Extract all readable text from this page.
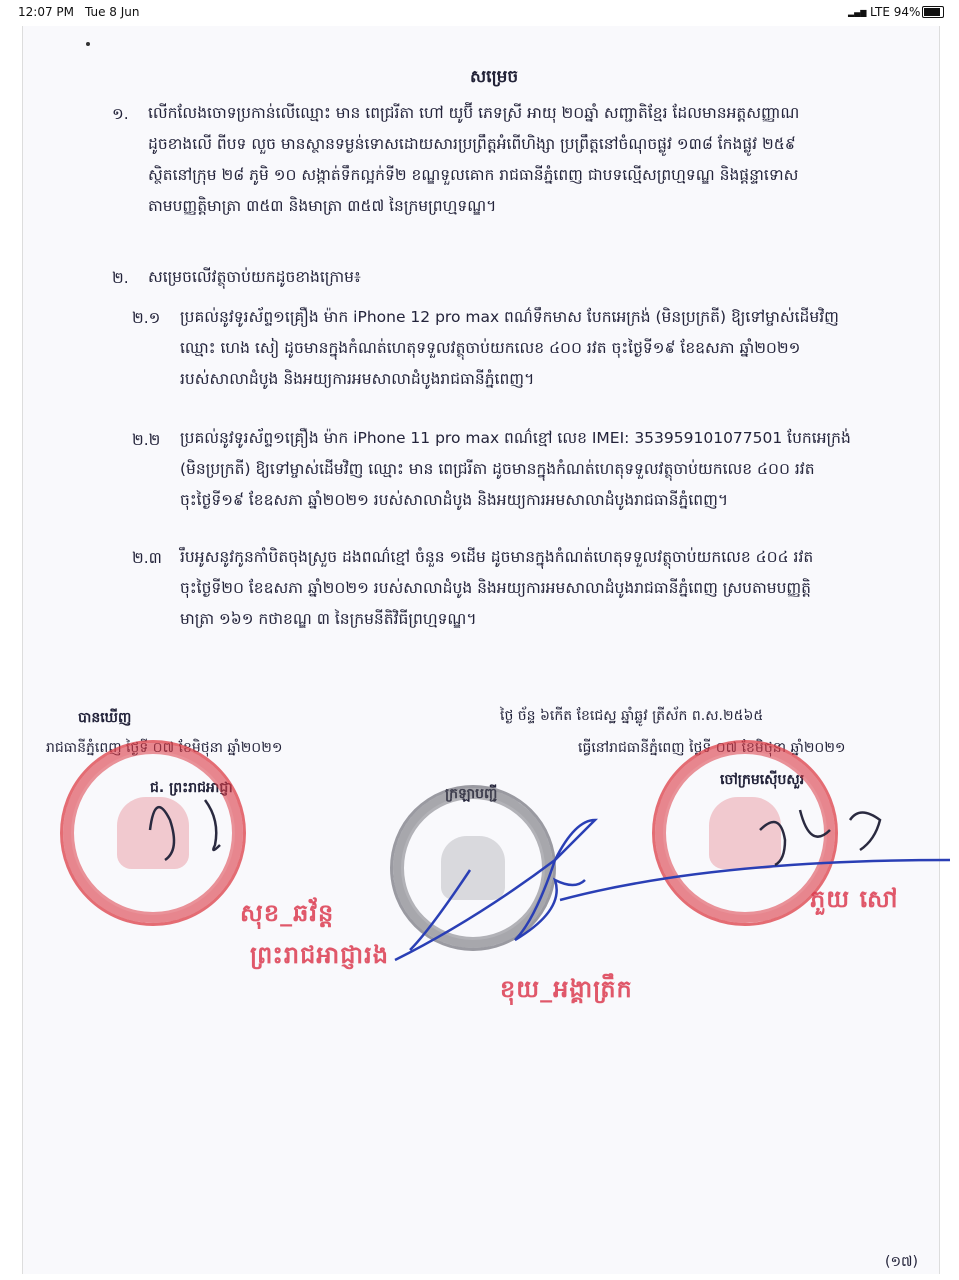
12:07 PM Tue 8 Jun	▂▄▆ LTE 94%
សម្រេច
១. លើកលែងចោទប្រកាន់លើឈ្មោះ មាន ពេជ្ររីតា ហៅ យូប៊ី ភេទស្រី អាយុ ២០ឆ្នាំ សញ្ជាតិខ្មែរ ដែលមានអត្តសញ្ញាណ
ដូចខាងលើ ពីបទ លួច មានស្ថានទម្ងន់ទោសដោយសារប្រព្រឹត្តអំពើហិង្សា ប្រព្រឹត្តនៅចំណុចផ្លូវ ១៣៨ កែងផ្លូវ ២៥៩
ស្ថិតនៅក្រុម ២៨ ភូមិ ១០ សង្កាត់ទឹកល្អក់ទី២ ខណ្ឌទួលគោក រាជធានីភ្នំពេញ ជាបទល្មើសព្រហ្មទណ្ឌ និងផ្តន្ទាទោស
តាមបញ្ញត្តិមាត្រា ៣៥៣ និងមាត្រា ៣៥៧ នៃក្រមព្រហ្មទណ្ឌ។
២. សម្រេចលើវត្ថុចាប់យកដូចខាងក្រោម៖
២.១ ប្រគល់នូវទូរស័ព្ទ១គ្រឿង ម៉ាក iPhone 12 pro max ពណ៌ទឹកមាស បែកអេក្រង់ (មិនប្រក្រតី) ឱ្យទៅម្ចាស់ដើមវិញ
ឈ្មោះ ហេង សៀ ដូចមានក្នុងកំណត់ហេតុទទួលវត្ថុចាប់យកលេខ ៤០០ រវត ចុះថ្ងៃទី១៩ ខែឧសភា ឆ្នាំ២០២១
របស់សាលាដំបូង និងអយ្យការអមសាលាដំបូងរាជធានីភ្នំពេញ។
២.២ ប្រគល់នូវទូរស័ព្ទ១គ្រឿង ម៉ាក iPhone 11 pro max ពណ៌ខ្មៅ លេខ IMEI: 353959101077501 បែកអេក្រង់
(មិនប្រក្រតី) ឱ្យទៅម្ចាស់ដើមវិញ ឈ្មោះ មាន ពេជ្ររីតា ដូចមានក្នុងកំណត់ហេតុទទួលវត្ថុចាប់យកលេខ ៤០០ រវត
ចុះថ្ងៃទី១៩ ខែឧសភា ឆ្នាំ២០២១ របស់សាលាដំបូង និងអយ្យការអមសាលាដំបូងរាជធានីភ្នំពេញ។
២.៣ រឹបអូសនូវកូនកាំបិតចុងស្រួច ដងពណ៌ខ្មៅ ចំនួន ១ដើម ដូចមានក្នុងកំណត់ហេតុទទួលវត្ថុចាប់យកលេខ ៤០៤ រវត
ចុះថ្ងៃទី២០ ខែឧសភា ឆ្នាំ២០២១ របស់សាលាដំបូង និងអយ្យការអមសាលាដំបូងរាជធានីភ្នំពេញ ស្របតាមបញ្ញត្តិ
មាត្រា ១៦១ កថាខណ្ឌ ៣ នៃក្រមនីតិវិធីព្រហ្មទណ្ឌ។
បានឃើញ
រាជធានីភ្នំពេញ ថ្ងៃទី ០៧ ខែមិថុនា ឆ្នាំ២០២១
ជ. ព្រះរាជអាជ្ញា
ថ្ងៃ ច័ន្ទ ៦កើត ខែជេស្ឋ ឆ្នាំឆ្លូវ ត្រីស័ក ព.ស.២៥៦៥
ធ្វើនៅរាជធានីភ្នំពេញ ថ្ងៃទី ០៧ ខែមិថុនា ឆ្នាំ២០២១
ចៅក្រមស៊ើបសួរ
ក្រឡាបញ្ជី
សុខ_ឆវ័ន្ត
ព្រះរាជអាជ្ញារង
ខុយ_អង្គាត្រឹក
ភួយ សៅ
(១៧)
